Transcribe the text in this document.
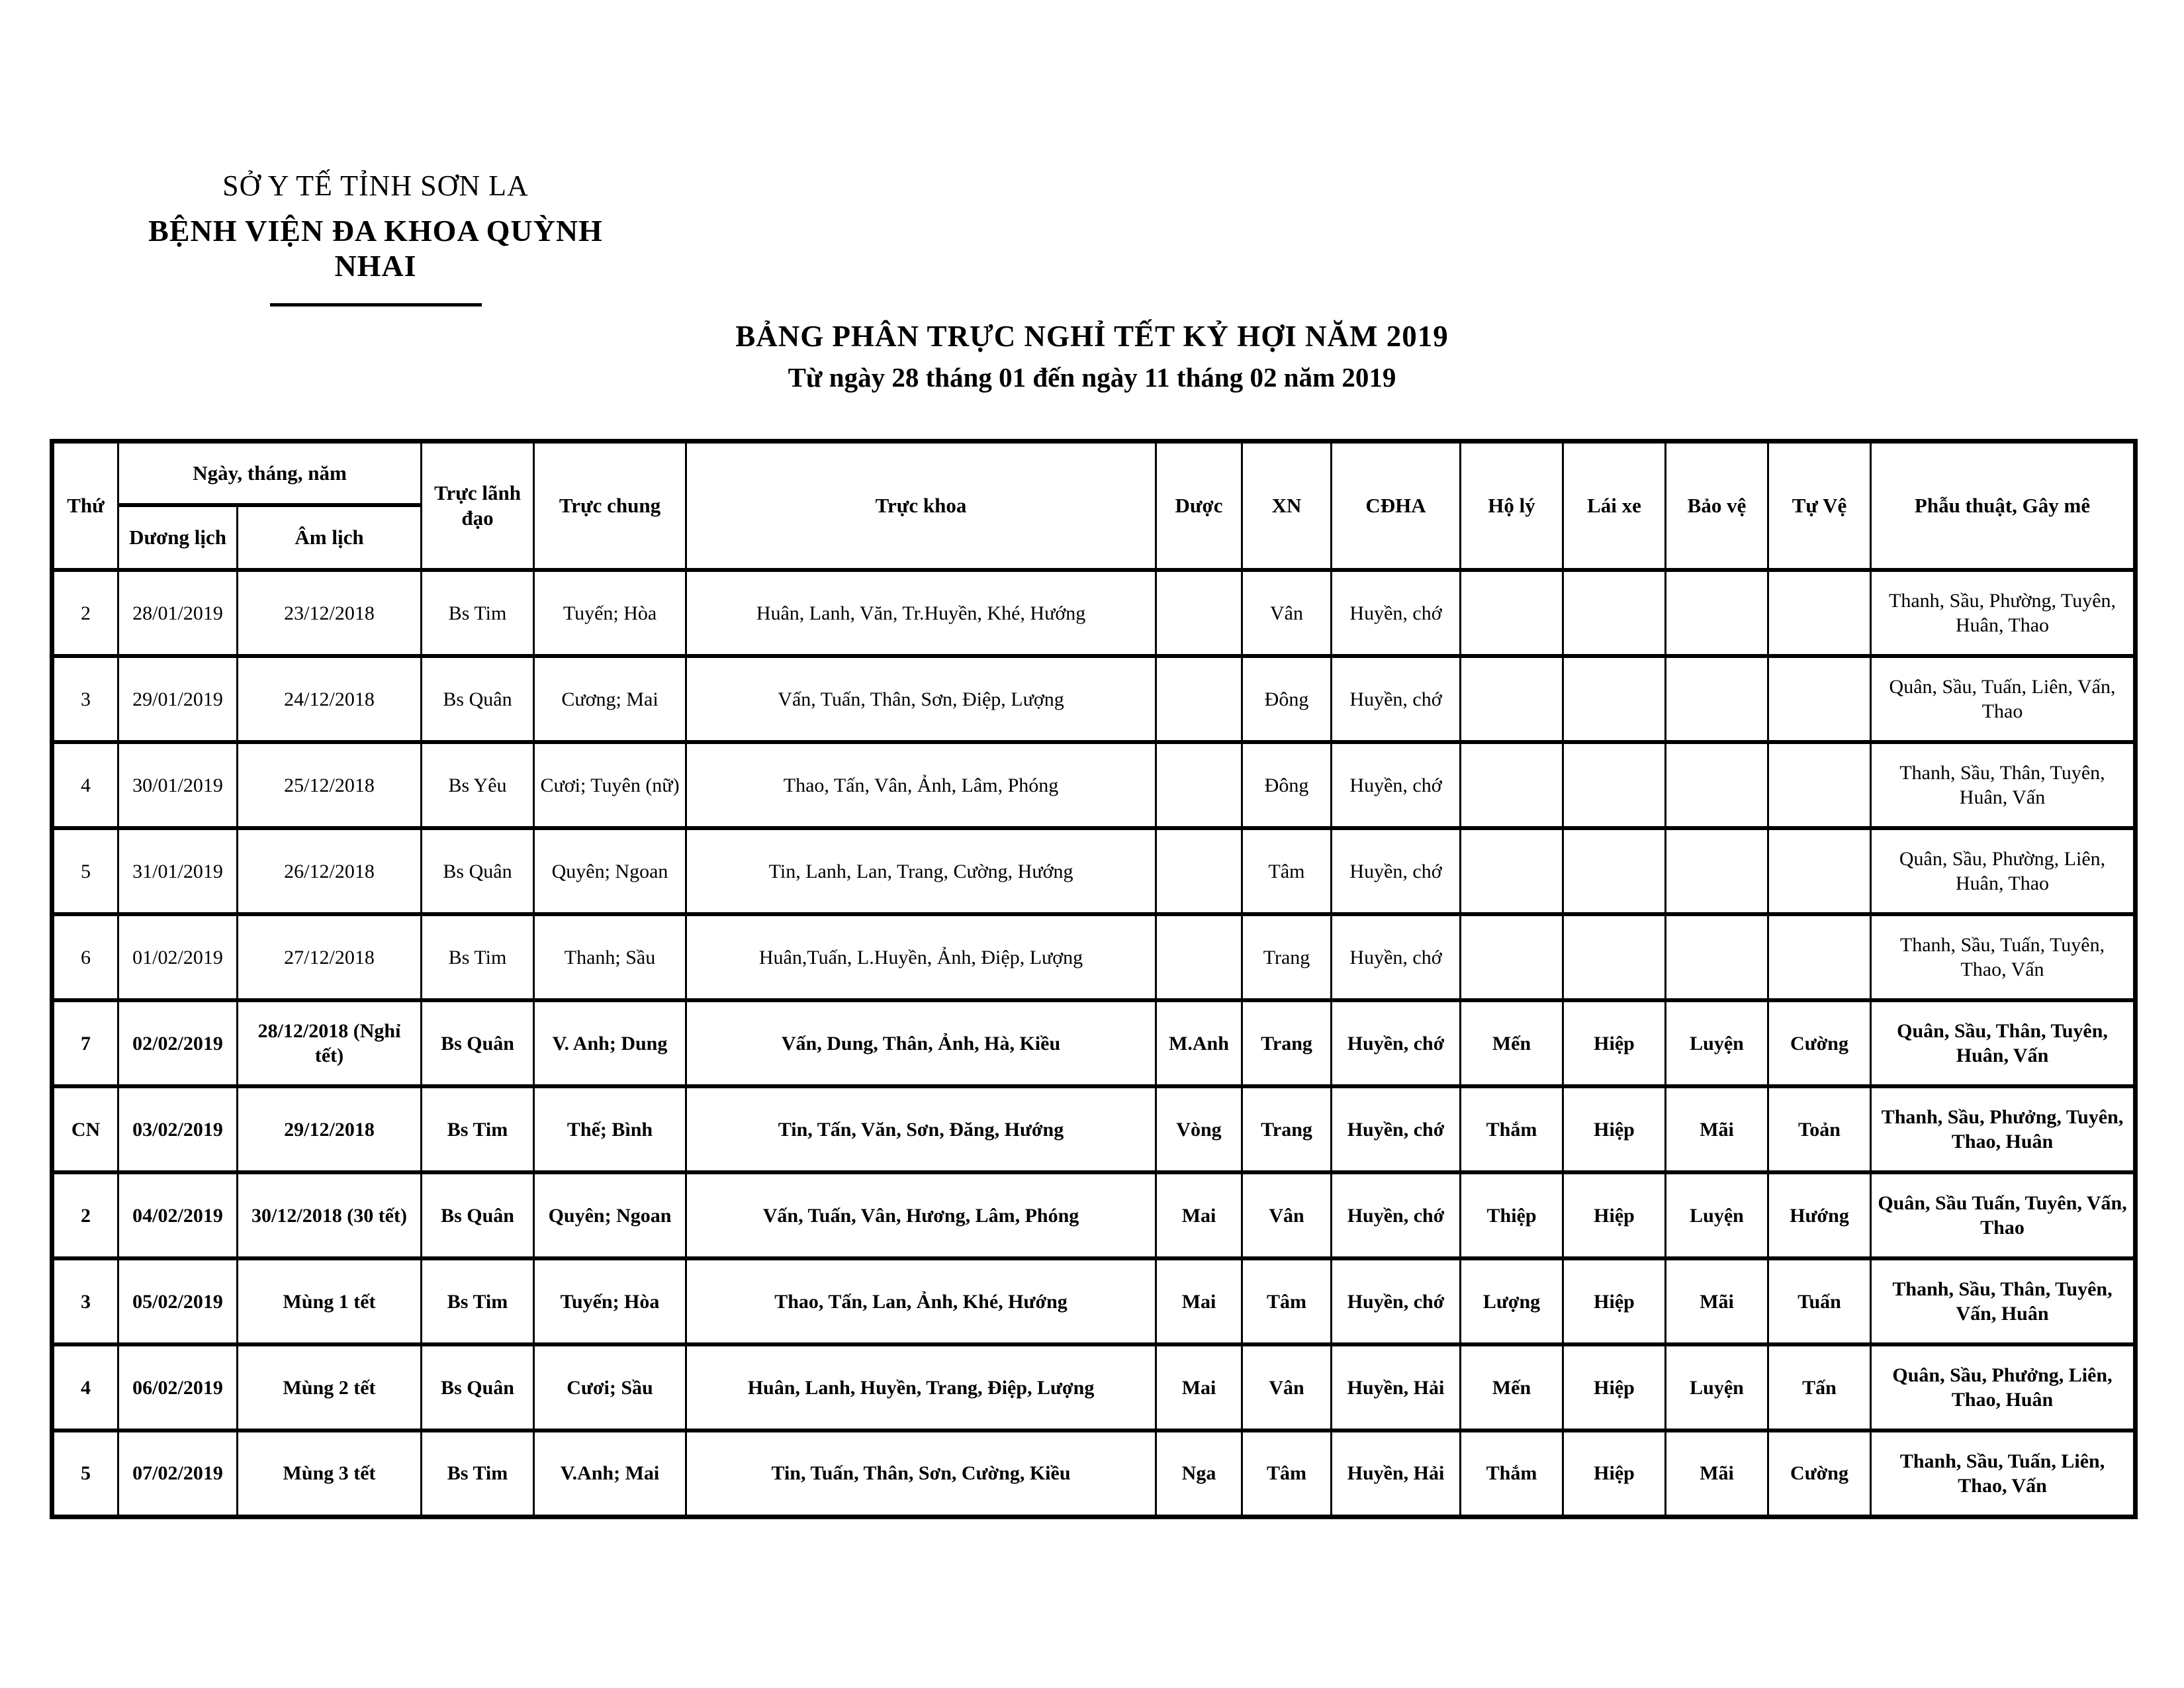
SỞ Y TẾ TỈNH SƠN LA
BỆNH VIỆN ĐA KHOA QUỲNH NHAI
BẢNG PHÂN TRỰC NGHỈ TẾT KỶ HỢI NĂM 2019
Từ ngày 28 tháng 01 đến ngày 11 tháng 02 năm 2019
Thứ	Ngày, tháng, năm		Trực lãnh đạo	Trực chung	Trực khoa	Dược	XN	CĐHA	Hộ lý	Lái xe	Bảo vệ	Tự Vệ	Phẫu thuật, Gây mê
	Dương lịch	Âm lịch											
2	28/01/2019	23/12/2018	Bs Tim	Tuyến; Hòa	Huân, Lanh, Văn, Tr.Huyền, Khé, Hướng		Vân	Huyền, chớ					Thanh, Sầu, Phường, Tuyên, Huân, Thao
3	29/01/2019	24/12/2018	Bs Quân	Cương; Mai	Vấn, Tuấn, Thân, Sơn, Điệp, Lượng		Đông	Huyền, chớ					Quân, Sầu, Tuấn, Liên, Vấn, Thao
4	30/01/2019	25/12/2018	Bs Yêu	Cươi; Tuyên (nữ)	Thao, Tấn, Vân, Ảnh, Lâm, Phóng		Đông	Huyền, chớ					Thanh, Sầu, Thân, Tuyên, Huân, Vấn
5	31/01/2019	26/12/2018	Bs Quân	Quyên; Ngoan	Tin, Lanh, Lan, Trang, Cường, Hướng		Tâm	Huyền, chớ					Quân, Sầu, Phường, Liên, Huân, Thao
6	01/02/2019	27/12/2018	Bs Tim	Thanh; Sầu	Huân,Tuấn, L.Huyền, Ảnh, Điệp, Lượng		Trang	Huyền, chớ					Thanh, Sầu, Tuấn, Tuyên, Thao, Vấn
7	02/02/2019	28/12/2018 (Nghỉ tết)	Bs Quân	V. Anh; Dung	Vấn, Dung, Thân, Ảnh, Hà, Kiều	M.Anh	Trang	Huyền, chớ	Mến	Hiệp	Luyện	Cường	Quân, Sầu, Thân, Tuyên, Huân, Vấn
CN	03/02/2019	29/12/2018	Bs Tim	Thế; Bình	Tin, Tấn, Văn, Sơn, Đăng, Hướng	Vòng	Trang	Huyền, chớ	Thắm	Hiệp	Mãi	Toản	Thanh, Sầu, Phưởng, Tuyên, Thao, Huân
2	04/02/2019	30/12/2018 (30 tết)	Bs Quân	Quyên; Ngoan	Vấn, Tuấn, Vân, Hương, Lâm, Phóng	Mai	Vân	Huyền, chớ	Thiệp	Hiệp	Luyện	Hướng	Quân, Sầu Tuấn, Tuyên, Vấn, Thao
3	05/02/2019	Mùng 1 tết	Bs Tim	Tuyến; Hòa	Thao, Tấn, Lan, Ảnh, Khé, Hướng	Mai	Tâm	Huyền, chớ	Lượng	Hiệp	Mãi	Tuấn	Thanh, Sầu, Thân, Tuyên, Vấn, Huân
4	06/02/2019	Mùng 2 tết	Bs Quân	Cươi; Sầu	Huân, Lanh, Huyền, Trang, Điệp, Lượng	Mai	Vân	Huyền, Hải	Mến	Hiệp	Luyện	Tấn	Quân, Sầu, Phưởng, Liên, Thao, Huân
5	07/02/2019	Mùng 3 tết	Bs Tim	V.Anh; Mai	Tin, Tuấn, Thân, Sơn, Cường, Kiều	Nga	Tâm	Huyền, Hải	Thắm	Hiệp	Mãi	Cường	Thanh, Sầu, Tuấn, Liên, Thao, Vấn
